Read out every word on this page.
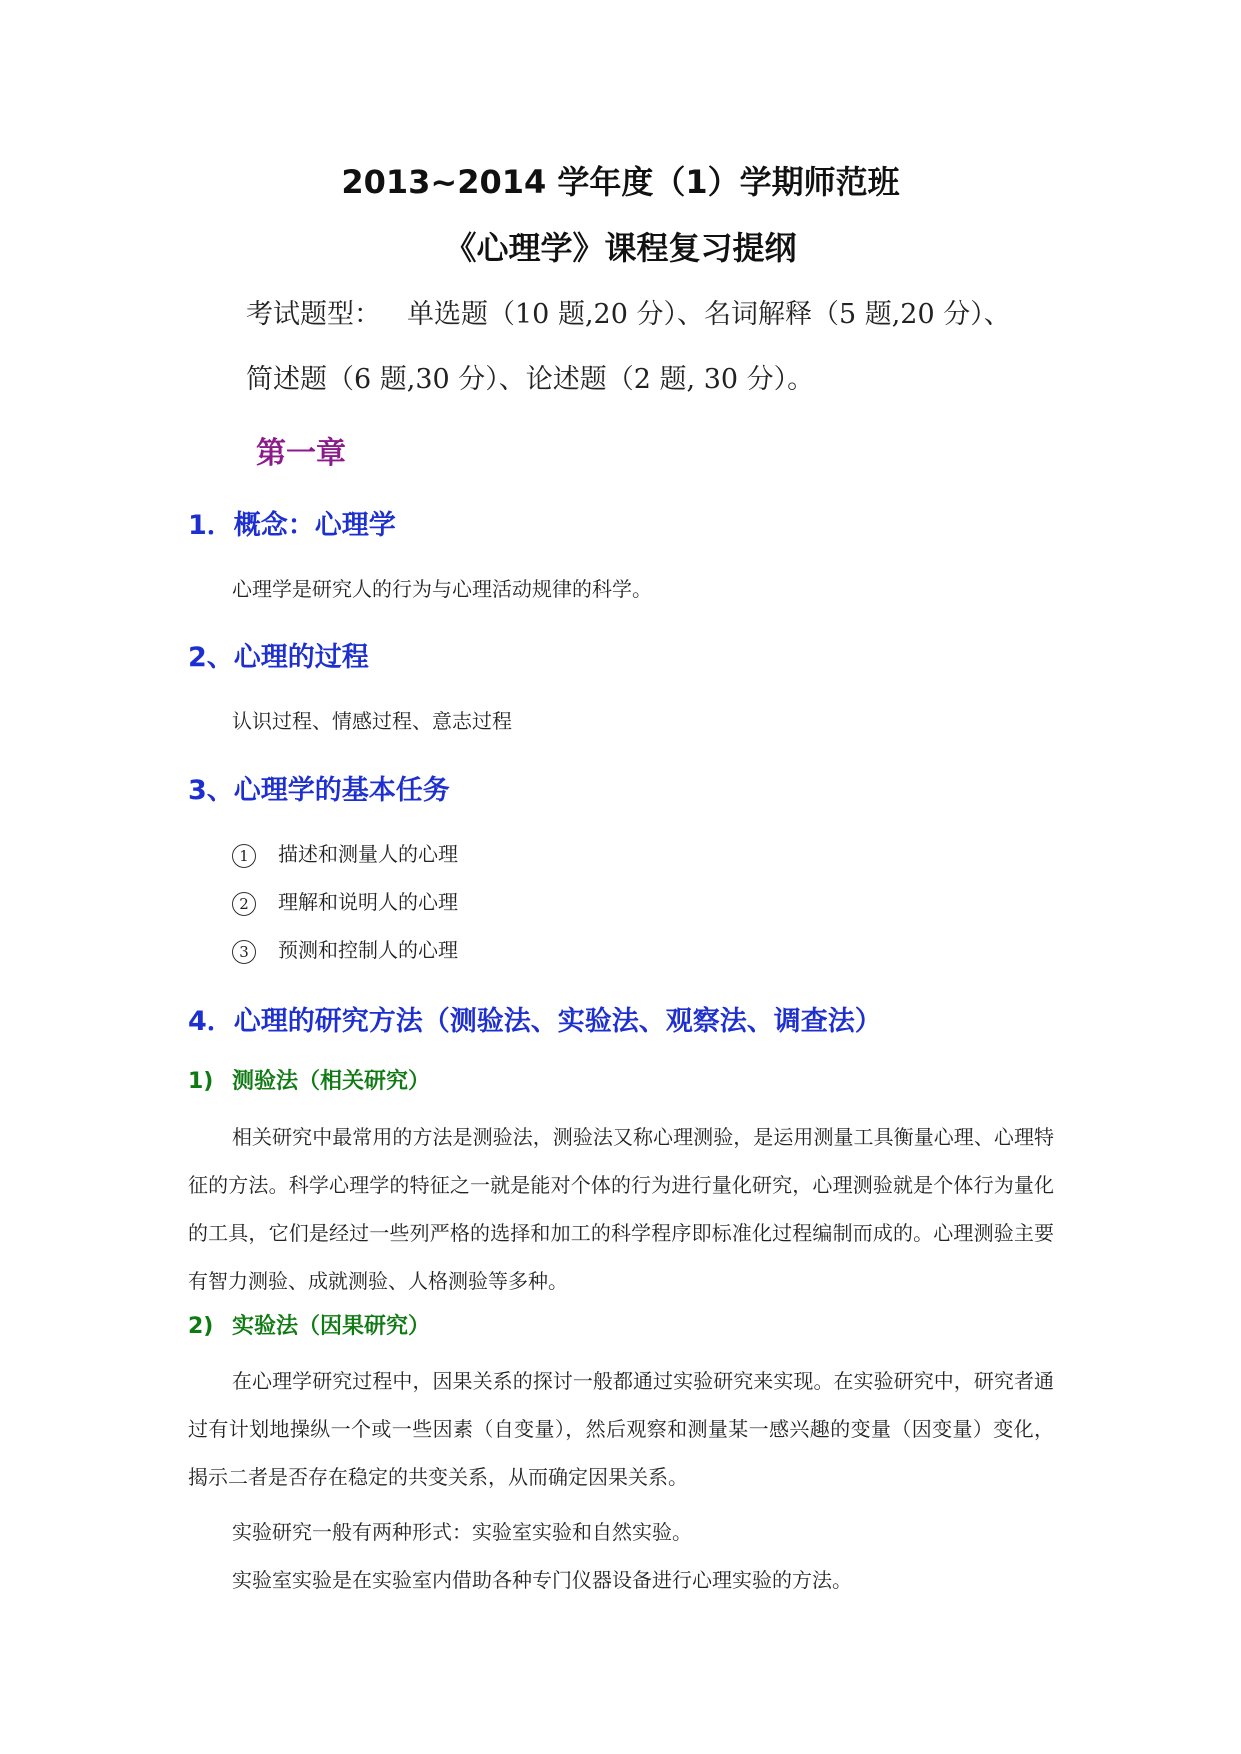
2013~2014 学年度（1）学期师范班
《心理学》课程复习提纲
考试题型： 单选题（10 题,20 分）、名词解释（5 题,20 分）、
简述题（6 题,30 分）、论述题（2 题, 30 分）。
第一章
1．概念：心理学

心理学是研究人的行为与心理活动规律的科学。

2、心理的过程

认识过程、情感过程、意志过程

3、心理学的基本任务
1 描述和测量人的心理
2 理解和说明人的心理
3 预测和控制人的心理
4．心理的研究方法（测验法、实验法、观察法、调查法）
1) 测验法（相关研究）

相关研究中最常用的方法是测验法，测验法又称心理测验，是运用测量工具衡量心理、心理特征的方法。科学心理学的特征之一就是能对个体的行为进行量化研究，心理测验就是个体行为量化的工具，它们是经过一些列严格的选择和加工的科学程序即标准化过程编制而成的。心理测验主要有智力测验、成就测验、人格测验等多种。

2) 实验法（因果研究）

在心理学研究过程中，因果关系的探讨一般都通过实验研究来实现。在实验研究中，研究者通过有计划地操纵一个或一些因素（自变量），然后观察和测量某一感兴趣的变量（因变量）变化，揭示二者是否存在稳定的共变关系，从而确定因果关系。

实验研究一般有两种形式：实验室实验和自然实验。

实验室实验是在实验室内借助各种专门仪器设备进行心理实验的方法。
